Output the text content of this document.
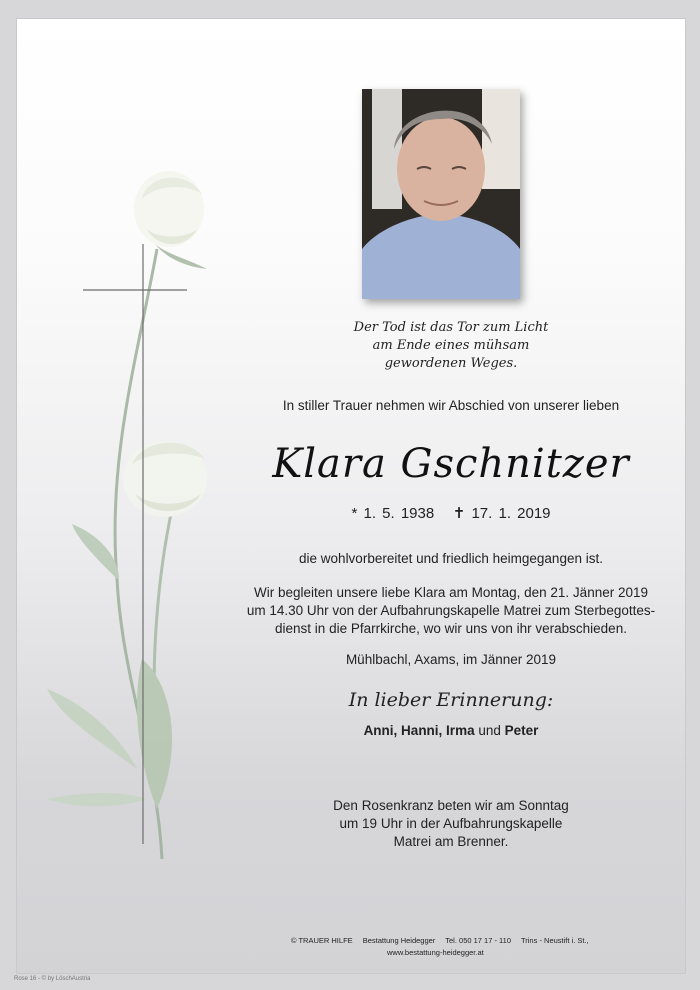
Der Tod ist das Tor zum Licht
am Ende eines mühsam
gewordenen Weges.
In stiller Trauer nehmen wir Abschied von unserer lieben
Klara Gschnitzer
* 1. 5. 1938 ✝ 17. 1. 2019
die wohlvorbereitet und friedlich heimgegangen ist.
Wir begleiten unsere liebe Klara am Montag, den 21. Jänner 2019
um 14.30 Uhr von der Aufbahrungskapelle Matrei zum Sterbegottes-
dienst in die Pfarrkirche, wo wir uns von ihr verabschieden.
Mühlbachl, Axams, im Jänner 2019
In lieber Erinnerung:
Anni, Hanni, Irma und Peter
Den Rosenkranz beten wir am Sonntag
um 19 Uhr in der Aufbahrungskapelle
Matrei am Brenner.
© TRAUER HILFE Bestattung Heidegger Tel. 050 17 17 - 110 Trins - Neustift i. St.,
www.bestattung-heidegger.at
Rose 16 - © by LöschAustria
